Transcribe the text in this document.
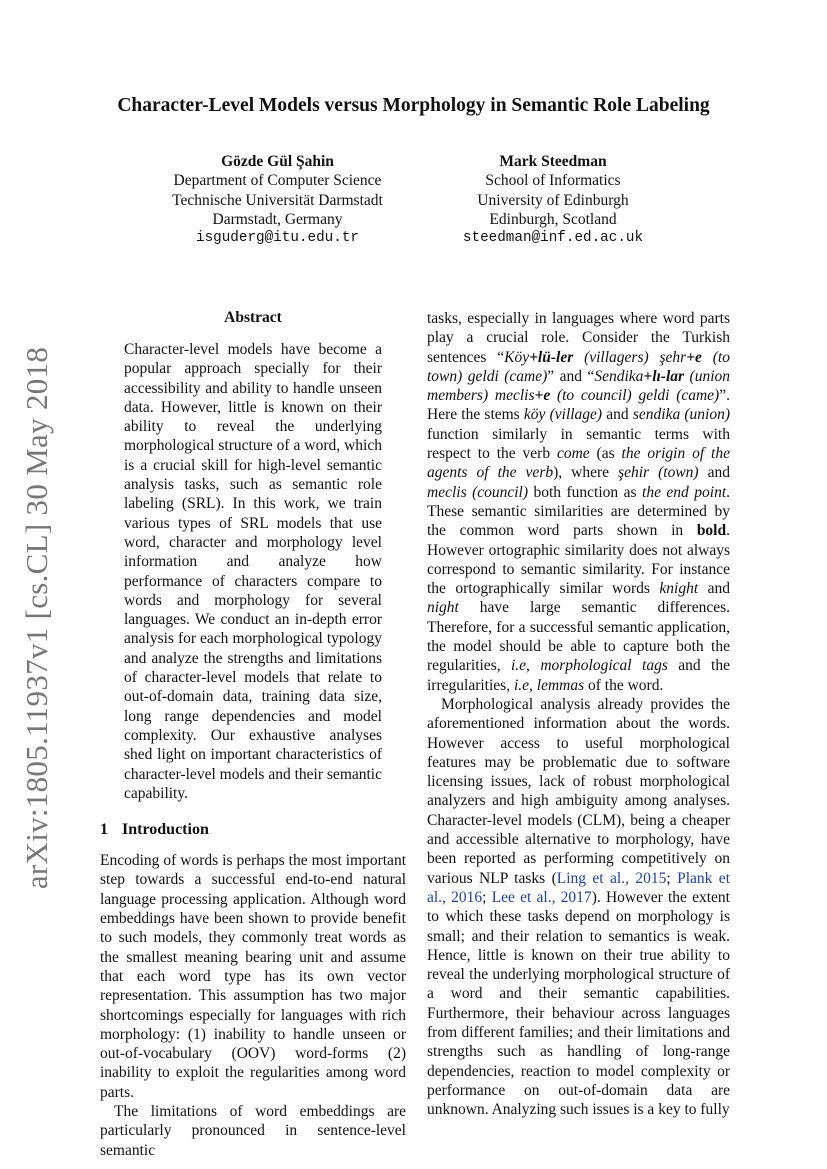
arXiv:1805.11937v1 [cs.CL] 30 May 2018
Character-Level Models versus Morphology in Semantic Role Labeling
Gözde Gül Şahin
Department of Computer Science
Technische Universität Darmstadt
Darmstadt, Germany
isguderg@itu.edu.tr
Mark Steedman
School of Informatics
University of Edinburgh
Edinburgh, Scotland
steedman@inf.ed.ac.uk
Abstract
Character-level models have become a popular approach specially for their accessibility and ability to handle unseen data. However, little is known on their ability to reveal the underlying morphological structure of a word, which is a crucial skill for high-level semantic analysis tasks, such as semantic role labeling (SRL). In this work, we train various types of SRL models that use word, character and morphology level information and analyze how performance of characters compare to words and morphology for several languages. We conduct an in-depth error analysis for each morphological typology and analyze the strengths and limitations of character-level models that relate to out-of-domain data, training data size, long range dependencies and model complexity. Our exhaustive analyses shed light on important characteristics of character-level models and their semantic capability.
1 Introduction

Encoding of words is perhaps the most important step towards a successful end-to-end natural language processing application. Although word embeddings have been shown to provide benefit to such models, they commonly treat words as the smallest meaning bearing unit and assume that each word type has its own vector representation. This assumption has two major shortcomings especially for languages with rich morphology: (1) inability to handle unseen or out-of-vocabulary (OOV) word-forms (2) inability to exploit the regularities among word parts.

The limitations of word embeddings are particularly pronounced in sentence-level semantic

tasks, especially in languages where word parts play a crucial role. Consider the Turkish sentences “Köy+lü-ler (villagers) şehr+e (to town) geldi (came)” and “Sendika+lı-lar (union members) meclis+e (to council) geldi (came)”. Here the stems köy (village) and sendika (union) function similarly in semantic terms with respect to the verb come (as the origin of the agents of the verb), where şehir (town) and meclis (council) both function as the end point. These semantic similarities are determined by the common word parts shown in bold. However ortographic similarity does not always correspond to semantic similarity. For instance the ortographically similar words knight and night have large semantic differences. Therefore, for a successful semantic application, the model should be able to capture both the regularities, i.e, morphological tags and the irregularities, i.e, lemmas of the word.

Morphological analysis already provides the aforementioned information about the words. However access to useful morphological features may be problematic due to software licensing issues, lack of robust morphological analyzers and high ambiguity among analyses. Character-level models (CLM), being a cheaper and accessible alternative to morphology, have been reported as performing competitively on various NLP tasks (Ling et al., 2015; Plank et al., 2016; Lee et al., 2017). However the extent to which these tasks depend on morphology is small; and their relation to semantics is weak. Hence, little is known on their true ability to reveal the underlying morphological structure of a word and their semantic capabilities. Furthermore, their behaviour across languages from different families; and their limitations and strengths such as handling of long-range dependencies, reaction to model complexity or performance on out-of-domain data are unknown. Analyzing such issues is a key to fully
